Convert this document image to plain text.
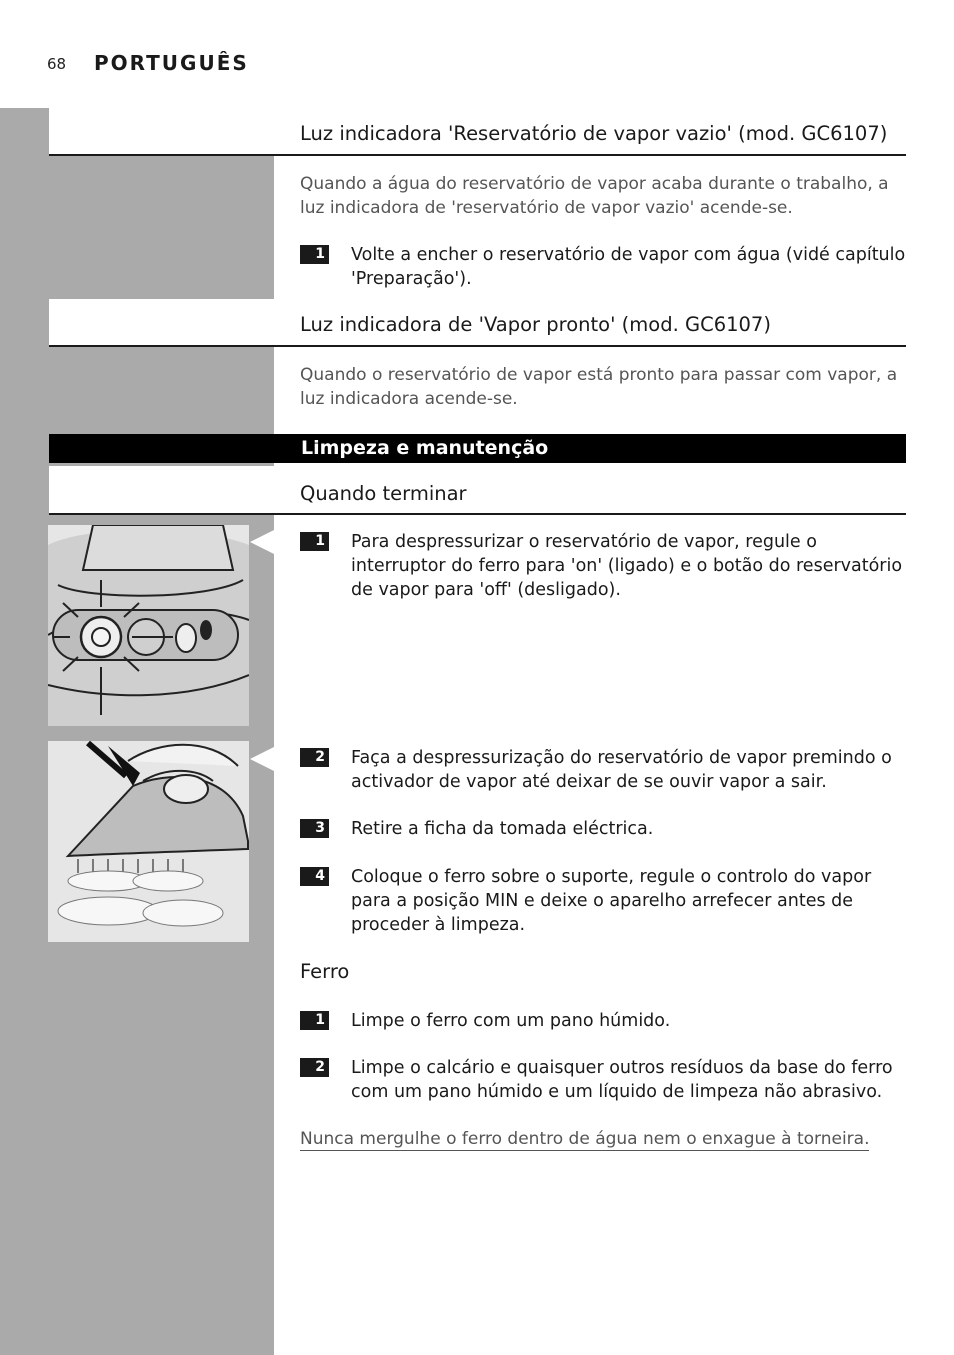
68 PORTUGUÊS
Luz indicadora 'Reservatório de vapor vazio' (mod. GC6107)
Quando a água do reservatório de vapor acaba durante o trabalho, a luz indicadora de 'reservatório de vapor vazio' acende-se.
1 Volte a encher o reservatório de vapor com água (vidé capítulo 'Preparação').
Luz indicadora de 'Vapor pronto' (mod. GC6107)
Quando o reservatório de vapor está pronto para passar com vapor, a luz indicadora acende-se.
Limpeza e manutenção
Quando terminar
1 Para despressurizar o reservatório de vapor, regule o interruptor do ferro para 'on' (ligado) e o botão do reservatório de vapor para 'off' (desligado).
2 Faça a despressurização do reservatório de vapor premindo o activador de vapor até deixar de se ouvir vapor a sair.
3 Retire a ficha da tomada eléctrica.
4 Coloque o ferro sobre o suporte, regule o controlo do vapor para a posição MIN e deixe o aparelho arrefecer antes de proceder à limpeza.
Ferro
1 Limpe o ferro com um pano húmido.
2 Limpe o calcário e quaisquer outros resíduos da base do ferro com um pano húmido e um líquido de limpeza não abrasivo.
Nunca mergulhe o ferro dentro de água nem o enxague à torneira.
